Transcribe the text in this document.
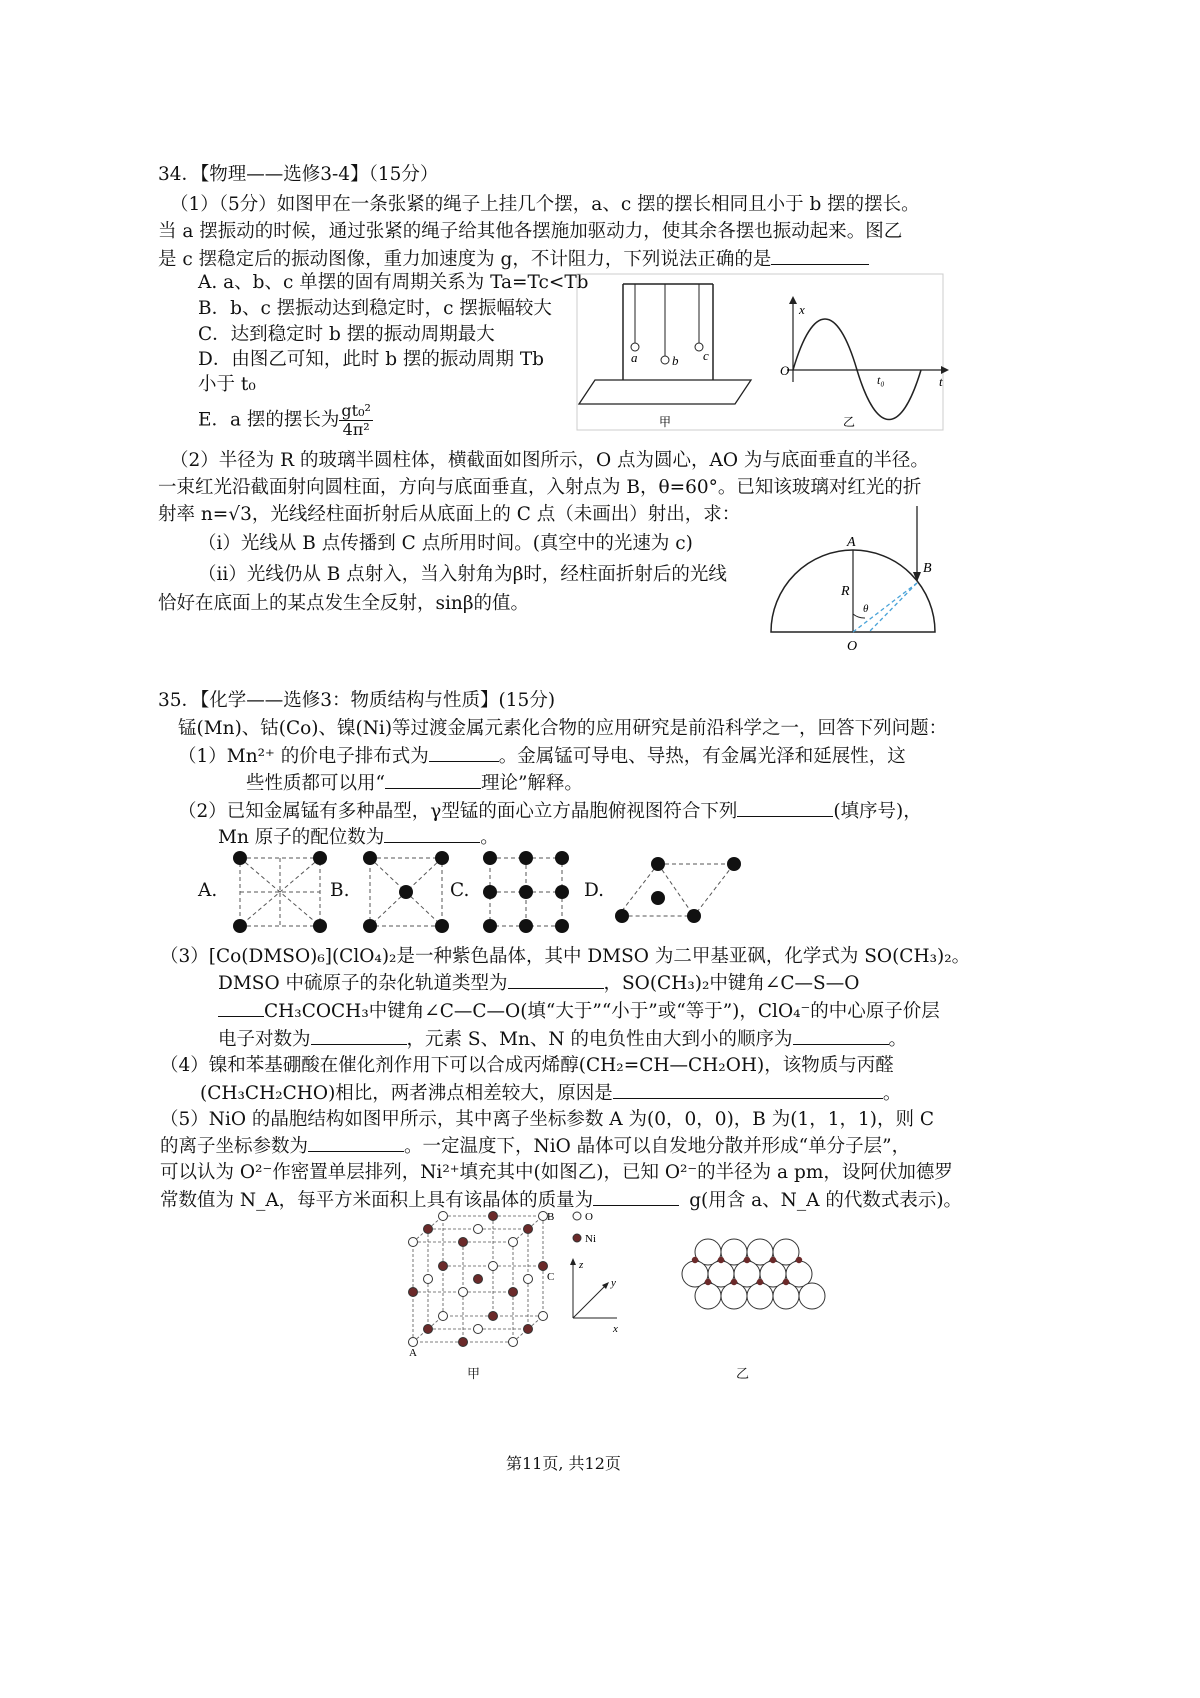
34．【物理——选修3-4】（15分）
（1）（5分）如图甲在一条张紧的绳子上挂几个摆，a、c 摆的摆长相同且小于 b 摆的摆长。
当 a 摆振动的时候，通过张紧的绳子给其他各摆施加驱动力，使其余各摆也振动起来。图乙
是 c 摆稳定后的振动图像，重力加速度为 g，不计阻力，下列说法正确的是
A. a、b、c 单摆的固有周期关系为 Ta=Tc<Tb
B．b、c 摆振动达到稳定时，c 摆振幅较大
C．达到稳定时 b 摆的振动周期最大
D．由图乙可知，此时 b 摆的振动周期 Tb
小于 t₀
E．a 摆的摆长为 $\frac{\text{gt₀²}}{\text{4π²}}$
a	b c
x
O
t₀	t
甲	乙
（2）半径为 R 的玻璃半圆柱体，横截面如图所示，O 点为圆心，AO 为与底面垂直的半径。
一束红光沿截面射向圆柱面，方向与底面垂直，入射点为 B，θ=60°。已知该玻璃对红光的折
射率 n=√3，光线经柱面折射后从底面上的 C 点（未画出）射出，求：
（i）光线从 B 点传播到 C 点所用时间。(真空中的光速为 c)
（ii）光线仍从 B 点射入，当入射角为β时，经柱面折射后的光线
恰好在底面上的某点发生全反射，sinβ的值。
A
B
R
θ
O
35．【化学——选修3：物质结构与性质】(15分)
锰(Mn)、钴(Co)、镍(Ni)等过渡金属元素化合物的应用研究是前沿科学之一，回答下列问题：
（1）Mn²⁺ 的价电子排布式为	。金属锰可导电、导热，有金属光泽和延展性，这
些性质都可以用“	理论”解释。
（2）已知金属锰有多种晶型，γ型锰的面心立方晶胞俯视图符合下列	(填序号)，
Mn 原子的配位数为	。
A.	B.	C.	D.
（3）[Co(DMSO)₆](ClO₄)₂是一种紫色晶体，其中 DMSO 为二甲基亚砜，化学式为 SO(CH₃)₂。
DMSO 中硫原子的杂化轨道类型为	，SO(CH₃)₂中键角∠C—S—O
CH₃COCH₃中键角∠C—C—O(填“大于”“小于”或“等于”)，ClO₄⁻的中心原子价层
电子对数为	，元素 S、Mn、N 的电负性由大到小的顺序为	。
（4）镍和苯基硼酸在催化剂作用下可以合成丙烯醇(CH₂=CH—CH₂OH)，该物质与丙醛
(CH₃CH₂CHO)相比，两者沸点相差较大，原因是	。
（5）NiO 的晶胞结构如图甲所示，其中离子坐标参数 A 为(0，0，0)，B 为(1，1，1)，则 C
的离子坐标参数为	。一定温度下，NiO 晶体可以自发地分散并形成“单分子层”，
可以认为 O²⁻作密置单层排列，Ni²⁺填充其中(如图乙)，已知 O²⁻的半径为 a pm，设阿伏加德罗
常数值为 N_A，每平方米面积上具有该晶体的质量为	g(用含 a、N_A 的代数式表示)。
A
B
C
O
Ni
z
y
x
甲	乙
第11页, 共12页
